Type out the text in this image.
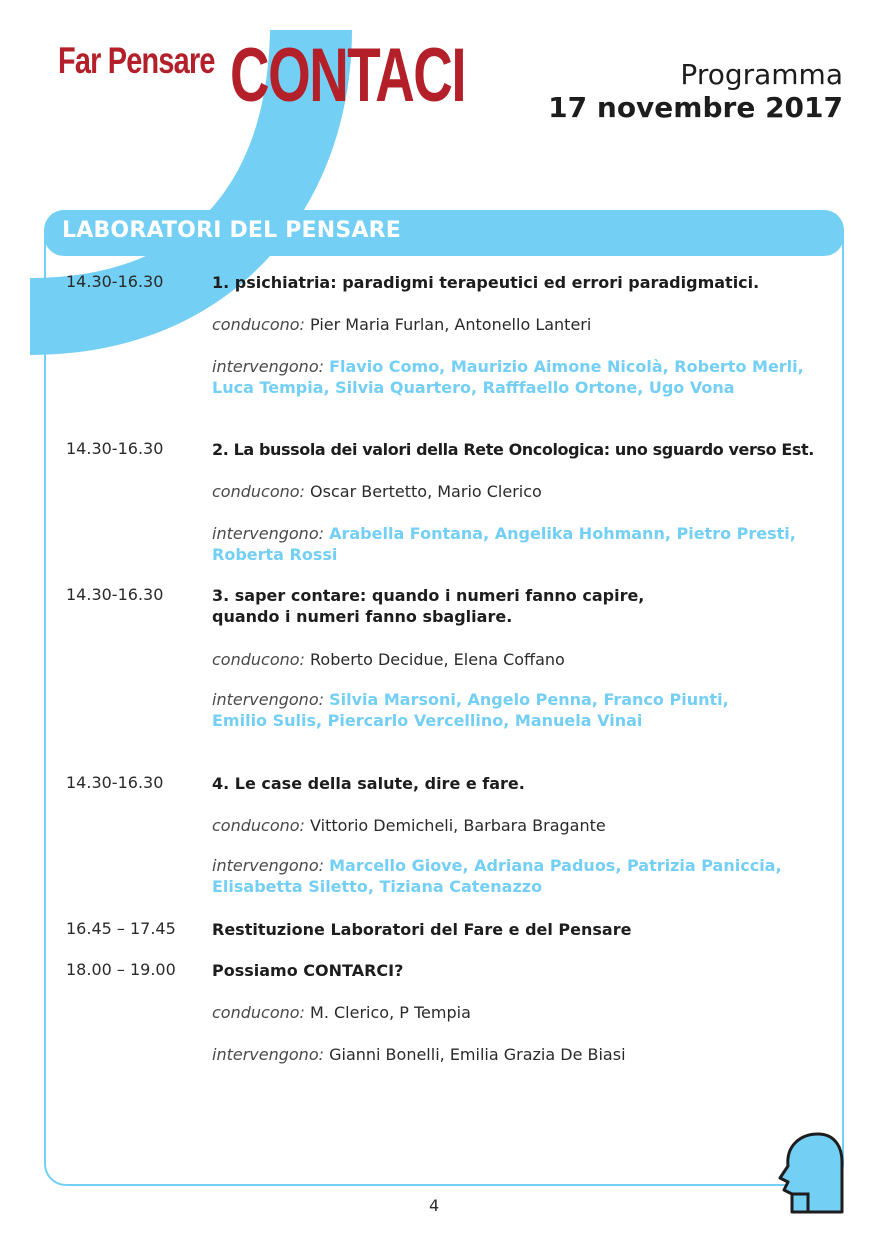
Far Pensare CONTACI	Programma
17 novembre 2017
LABORATORI DEL PENSARE
14.30-16.30	1. psichiatria: paradigmi terapeutici ed errori paradigmatici.
conducono: Pier Maria Furlan, Antonello Lanteri
intervengono: Flavio Como, Maurizio Aimone Nicolà, Roberto Merli,
Luca Tempia, Silvia Quartero, Rafffaello Ortone, Ugo Vona
14.30-16.30	2. La bussola dei valori della Rete Oncologica: uno sguardo verso Est.
conducono: Oscar Bertetto, Mario Clerico
intervengono: Arabella Fontana, Angelika Hohmann, Pietro Presti,
Roberta Rossi
14.30-16.30	3. saper contare: quando i numeri fanno capire,
quando i numeri fanno sbagliare.
conducono: Roberto Decidue, Elena Coffano
intervengono: Silvia Marsoni, Angelo Penna, Franco Piunti,
Emilio Sulis, Piercarlo Vercellino, Manuela Vinai
14.30-16.30	4. Le case della salute, dire e fare.
conducono: Vittorio Demicheli, Barbara Bragante
intervengono: Marcello Giove, Adriana Paduos, Patrizia Paniccia,
Elisabetta Siletto, Tiziana Catenazzo
16.45 – 17.45 Restituzione Laboratori del Fare e del Pensare
18.00 – 19.00 Possiamo CONTARCI?
conducono: M. Clerico, P Tempia
intervengono: Gianni Bonelli, Emilia Grazia De Biasi
4
